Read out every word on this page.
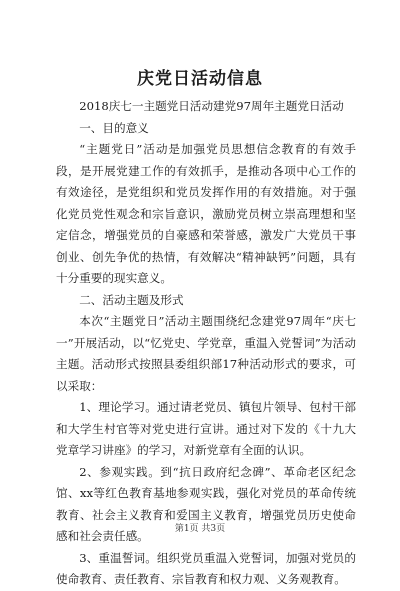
庆党日活动信息

2018庆七一主题党日活动建党97周年主题党日活动

一、目的意义

“主题党日”活动是加强党员思想信念教育的有效手段，是开展党建工作的有效抓手，是推动各项中心工作的有效途径，是党组织和党员发挥作用的有效措施。对于强化党员党性观念和宗旨意识，激励党员树立崇高理想和坚定信念，增强党员的自豪感和荣誉感，激发广大党员干事创业、创先争优的热情，有效解决“精神缺钙”问题，具有十分重要的现实意义。

二、活动主题及形式

本次“主题党日”活动主题围绕纪念建党97周年“庆七一”开展活动，以“忆党史、学党章，重温入党誓词”为活动主题。活动形式按照县委组织部17种活动形式的要求，可以采取：

1、理论学习。通过请老党员、镇包片领导、包村干部和大学生村官等对党史进行宣讲。通过对下发的《十九大党章学习讲座》的学习，对新党章有全面的认识。

2、参观实践。到“抗日政府纪念碑”、革命老区纪念馆、xx等红色教育基地参观实践，强化对党员的革命传统教育、社会主义教育和爱国主义教育，增强党员历史使命感和社会责任感。

3、重温誓词。组织党员重温入党誓词，加强对党员的使命教育、责任教育、宗旨教育和权力观、义务观教育。

第1页 共3页
